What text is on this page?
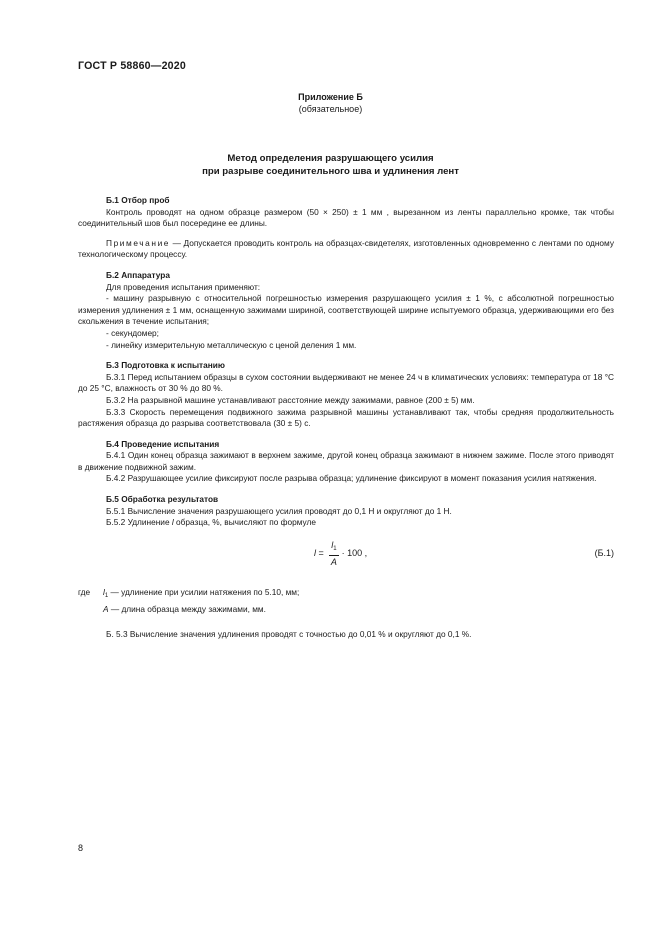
ГОСТ Р 58860—2020
Приложение Б
(обязательное)
Метод определения разрушающего усилия
при разрыве соединительного шва и удлинения лент
Б.1 Отбор проб
Контроль проводят на одном образце размером (50 × 250) ± 1 мм , вырезанном из ленты параллельно кромке, так чтобы соединительный шов был посередине ее длины.
Примечание — Допускается проводить контроль на образцах-свидетелях, изготовленных одновременно с лентами по одному технологическому процессу.
Б.2 Аппаратура
Для проведения испытания применяют:
- машину разрывную с относительной погрешностью измерения разрушающего усилия ± 1 %, с абсолютной погрешностью измерения удлинения ± 1 мм, оснащенную зажимами шириной, соответствующей ширине испытуемого образца, удерживающими его без скольжения в течение испытания;
- секундомер;
- линейку измерительную металлическую с ценой деления 1 мм.
Б.3 Подготовка к испытанию
Б.3.1 Перед испытанием образцы в сухом состоянии выдерживают не менее 24 ч в климатических условиях: температура от 18 °С до 25 °С, влажность от 30 % до 80 %.
Б.3.2 На разрывной машине устанавливают расстояние между зажимами, равное (200 ± 5) мм.
Б.3.3 Скорость перемещения подвижного зажима разрывной машины устанавливают так, чтобы средняя продолжительность растяжения образца до разрыва соответствовала (30 ± 5) с.
Б.4 Проведение испытания
Б.4.1 Один конец образца зажимают в верхнем зажиме, другой конец образца зажимают в нижнем зажиме. После этого приводят в движение подвижной зажим.
Б.4.2 Разрушающее усилие фиксируют после разрыва образца; удлинение фиксируют в момент показания усилия натяжения.
Б.5 Обработка результатов
Б.5.1 Вычисление значения разрушающего усилия проводят до 0,1 Н и округляют до 1 Н.
Б.5.2 Удлинение l образца, %, вычисляют по формуле
$l = \frac{l_1}{A} \cdot 100$ ,	(Б.1)
где $l_1$ — удлинение при усилии натяжения по 5.10, мм;
A — длина образца между зажимами, мм.
Б. 5.3 Вычисление значения удлинения проводят с точностью до 0,01 % и округляют до 0,1 %.
8
